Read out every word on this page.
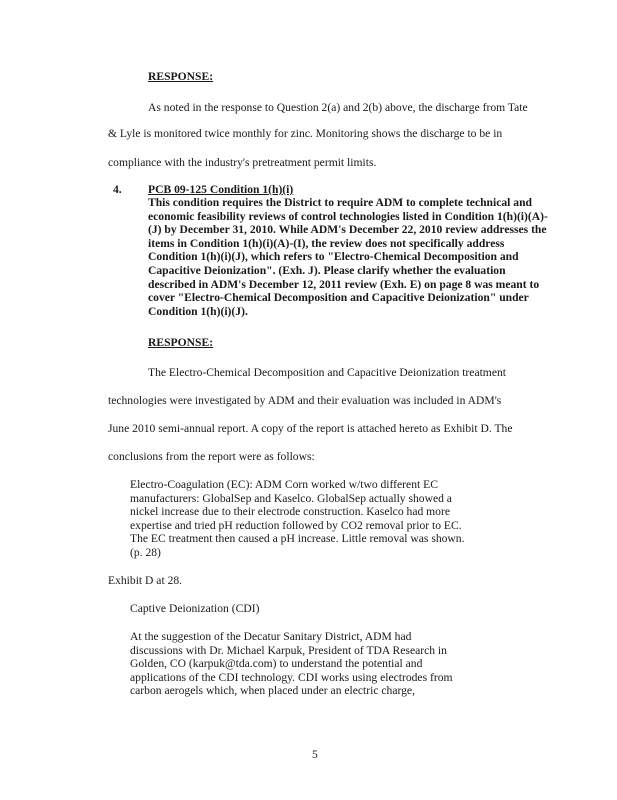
RESPONSE:
As noted in the response to Question 2(a) and 2(b) above, the discharge from Tate
& Lyle is monitored twice monthly for zinc. Monitoring shows the discharge to be in
compliance with the industry's pretreatment permit limits.
4. PCB 09-125 Condition 1(h)(i)
This condition requires the District to require ADM to complete technical and economic feasibility reviews of control technologies listed in Condition 1(h)(i)(A)-(J) by December 31, 2010. While ADM's December 22, 2010 review addresses the items in Condition 1(h)(i)(A)-(I), the review does not specifically address Condition 1(h)(i)(J), which refers to "Electro-Chemical Decomposition and Capacitive Deionization". (Exh. J). Please clarify whether the evaluation described in ADM's December 12, 2011 review (Exh. E) on page 8 was meant to cover "Electro-Chemical Decomposition and Capacitive Deionization" under Condition 1(h)(i)(J).
RESPONSE:
The Electro-Chemical Decomposition and Capacitive Deionization treatment
technologies were investigated by ADM and their evaluation was included in ADM's
June 2010 semi-annual report. A copy of the report is attached hereto as Exhibit D. The
conclusions from the report were as follows:
Electro-Coagulation (EC): ADM Corn worked w/two different EC manufacturers: GlobalSep and Kaselco. GlobalSep actually showed a nickel increase due to their electrode construction. Kaselco had more expertise and tried pH reduction followed by CO2 removal prior to EC. The EC treatment then caused a pH increase. Little removal was shown. (p. 28)
Exhibit D at 28.
Captive Deionization (CDI)
At the suggestion of the Decatur Sanitary District, ADM had discussions with Dr. Michael Karpuk, President of TDA Research in Golden, CO (karpuk@tda.com) to understand the potential and applications of the CDI technology. CDI works using electrodes from carbon aerogels which, when placed under an electric charge,
5
